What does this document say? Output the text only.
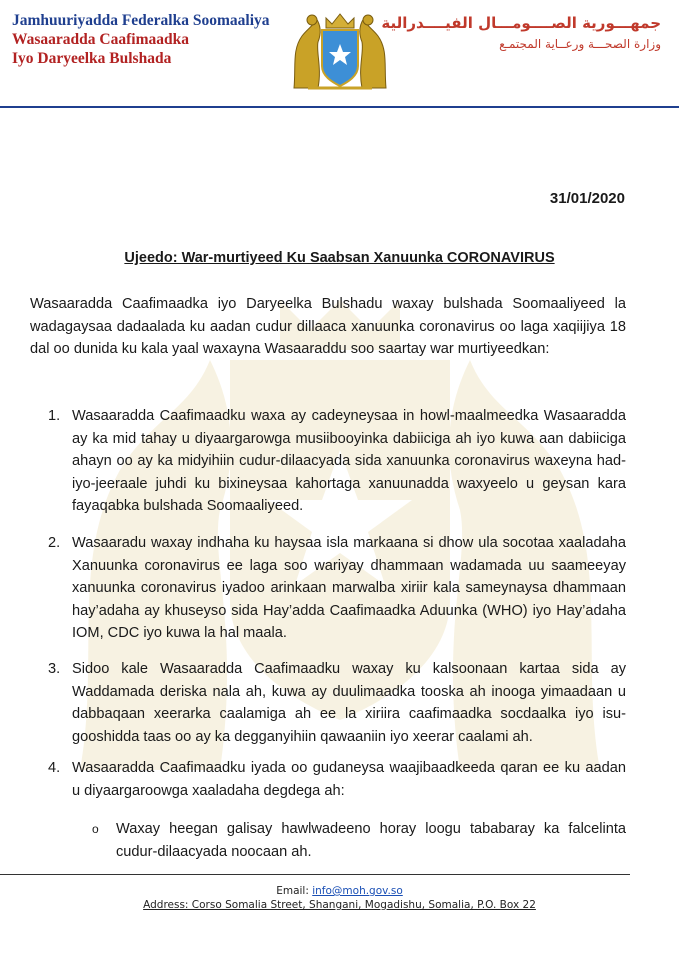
Jamhuuriyadda Federalka Soomaaliya
Wasaaradda Caafimaadka
Iyo Daryeelka Bulshada
جمهـــورية الصــــومـــال الفيــــدرالية
وزارة الصحـــة ورعــاية المجتمـع
31/01/2020
Ujeedo: War-murtiyeed Ku Saabsan Xanuunka CORONAVIRUS
Wasaaradda Caafimaadka iyo Daryeelka Bulshadu waxay bulshada Soomaaliyeed la wadagaysaa dadaalada ku aadan cudur dillaaca xanuunka coronavirus oo laga xaqiijiya 18 dal oo dunida ku kala yaal waxayna Wasaaraddu soo saartay war murtiyeedkan:
1. Wasaaradda Caafimaadku waxa ay cadeyneysaa in howl-maalmeedka Wasaaradda ay ka mid tahay u diyaargarowga musiibooyinka dabiiciga ah iyo kuwa aan dabiiciga ahayn oo ay ka midyihiin cudur-dilaacyada sida xanuunka coronavirus waxeyna had-iyo-jeeraale juhdi ku bixineysaa kahortaga xanuunadda waxyeelo u geysan kara fayaqabka bulshada Soomaaliyeed.
2. Wasaaradu waxay indhaha ku haysaa isla markaana si dhow ula socotaa xaaladaha Xanuunka coronavirus ee laga soo wariyay dhammaan wadamada uu saameeyay xanuunka coronavirus iyadoo arinkaan marwalba xiriir kala sameynaysa dhammaan hay’adaha ay khuseyso sida Hay’adda Caafimaadka Aduunka (WHO) iyo Hay’adaha IOM, CDC iyo kuwa la hal maala.
3. Sidoo kale Wasaaradda Caafimaadku waxay ku kalsoonaan kartaa sida ay Waddamada deriska nala ah, kuwa ay duulimaadka tooska ah inooga yimaadaan u dabbaqaan xeerarka caalamiga ah ee la xiriira caafimaadka socdaalka iyo isu-gooshidda taas oo ay ka degganyihiin qawaaniin iyo xeerar caalami ah.
4. Wasaaradda Caafimaadku iyada oo gudaneysa waajibaadkeeda qaran ee ku aadan u diyaargaroowga xaaladaha degdega ah:
o Waxay heegan galisay hawlwadeeno horay loogu tababaray ka falcelinta cudur-dilaacyada noocaan ah.
Email: info@moh.gov.so
Address: Corso Somalia Street, Shangani, Mogadishu, Somalia, P.O. Box 22
